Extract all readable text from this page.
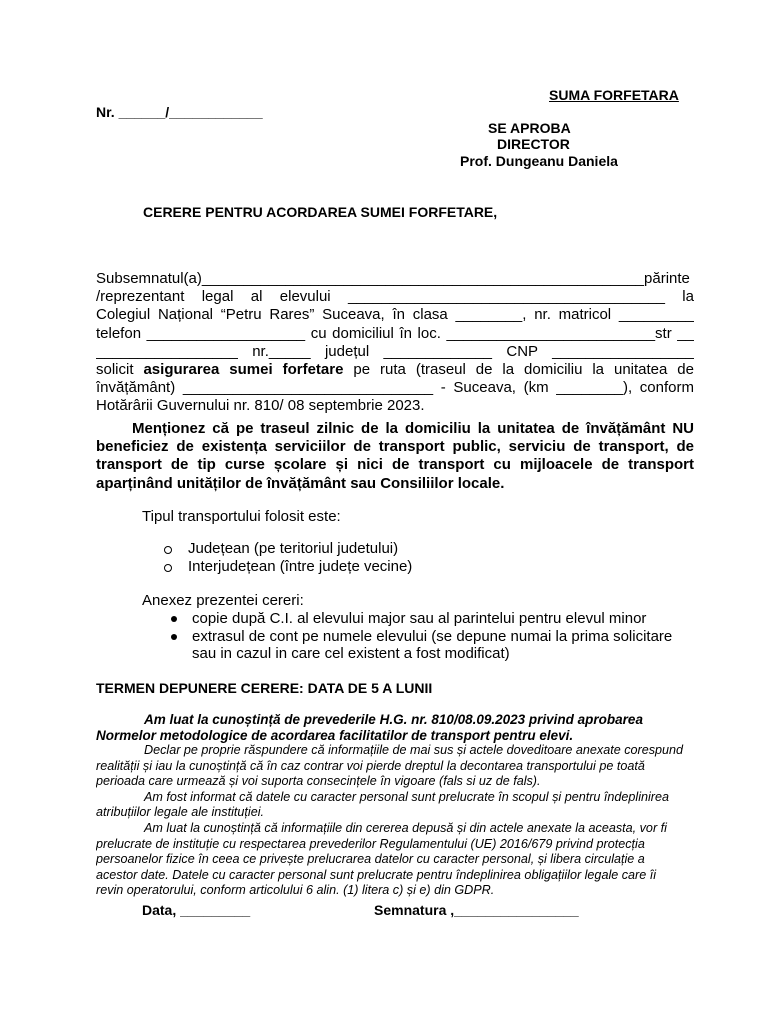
SUMA FORFETARA
Nr. ______/____________
SE APROBA
DIRECTOR
Prof. Dungeanu Daniela
CERERE PENTRU ACORDAREA SUMEI FORFETARE,
Subsemnatul(a)_____________________________________________________părinte
/reprezentant legal al elevului ______________________________________ la
Colegiul Național “Petru Rares” Suceava, în clasa ________, nr. matricol _________
telefon ___________________ cu domiciliul în loc. _________________________str __
_________________ nr._____ județul _____________ CNP _________________
solicit asigurarea sumei forfetare pe ruta (traseul de la domiciliu la unitatea de
învățământ) ______________________________ - Suceava, (km ________), conform
Hotărârii Guvernului nr. 810/ 08 septembrie 2023.
Menționez că pe traseul zilnic de la domiciliu la unitatea de învățământ NU
beneficiez de existența serviciilor de transport public, serviciu de transport, de
transport de tip curse școlare și nici de transport cu mijloacele de transport
aparținând unităților de învățământ sau Consiliilor locale.
Tipul transportului folosit este:
Județean (pe teritoriul judetului)
Interjudețean (între județe vecine)
Anexez prezentei cereri:
copie după C.I. al elevului major sau al parintelui pentru elevul minor
extrasul de cont pe numele elevului (se depune numai la prima solicitare
sau in cazul in care cel existent a fost modificat)
TERMEN DEPUNERE CERERE: DATA DE 5 A LUNII
Am luat la cunoștință de prevederile H.G. nr. 810/08.09.2023 privind aprobarea
Normelor metodologice de acordarea facilitatilor de transport pentru elevi.
Declar pe proprie răspundere că informațiile de mai sus și actele doveditoare anexate corespund
realității și iau la cunoștință că în caz contrar voi pierde dreptul la decontarea transportului pe toată
perioada care urmează și voi suporta consecințele în vigoare (fals si uz de fals).
Am fost informat că datele cu caracter personal sunt prelucrate în scopul și pentru îndeplinirea
atribuțiilor legale ale instituției.
Am luat la cunoștință că informațiile din cererea depusă și din actele anexate la aceasta, vor fi
prelucrate de instituție cu respectarea prevederilor Regulamentului (UE) 2016/679 privind protecția
persoanelor fizice în ceea ce privește prelucrarea datelor cu caracter personal, și libera circulație a
acestor date. Datele cu caracter personal sunt prelucrate pentru îndeplinirea obligațiilor legale care îi
revin operatorului, conform articolului 6 alin. (1) litera c) și e) din GDPR.
Data, _________	Semnatura ,________________
